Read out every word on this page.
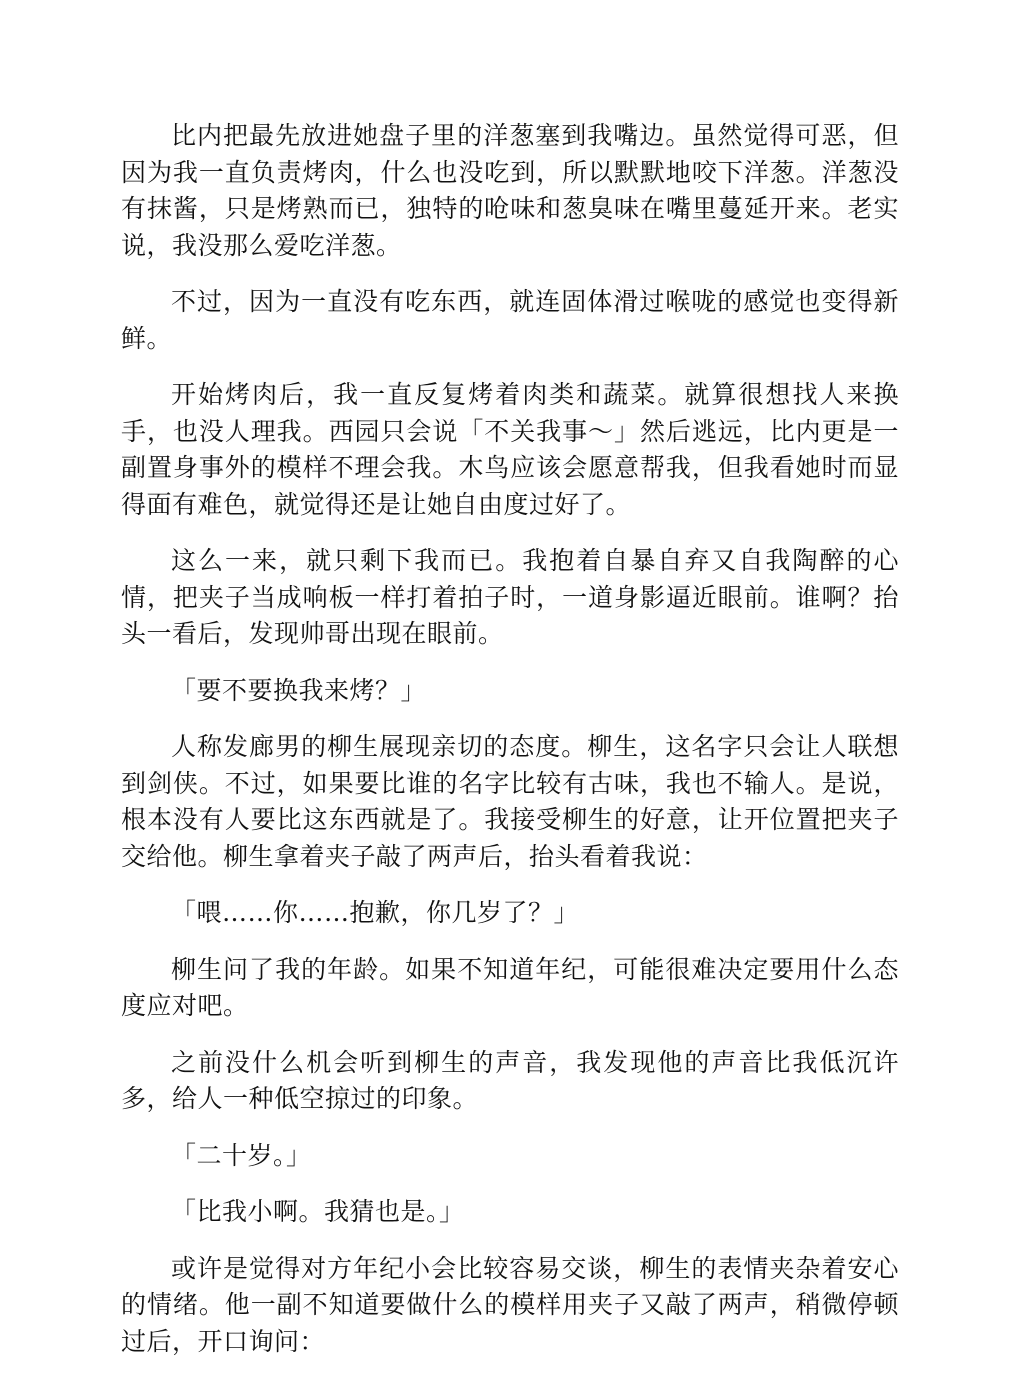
比内把最先放进她盘子里的洋葱塞到我嘴边。虽然觉得可恶，但因为我一直负责烤肉，什么也没吃到，所以默默地咬下洋葱。洋葱没有抹酱，只是烤熟而已，独特的呛味和葱臭味在嘴里蔓延开来。老实说，我没那么爱吃洋葱。

不过，因为一直没有吃东西，就连固体滑过喉咙的感觉也变得新鲜。

开始烤肉后，我一直反复烤着肉类和蔬菜。就算很想找人来换手，也没人理我。西园只会说「不关我事～」然后逃远，比内更是一副置身事外的模样不理会我。木鸟应该会愿意帮我，但我看她时而显得面有难色，就觉得还是让她自由度过好了。

这么一来，就只剩下我而已。我抱着自暴自弃又自我陶醉的心情，把夹子当成响板一样打着拍子时，一道身影逼近眼前。谁啊？抬头一看后，发现帅哥出现在眼前。

「要不要换我来烤？」

人称发廊男的柳生展现亲切的态度。柳生，这名字只会让人联想到剑侠。不过，如果要比谁的名字比较有古味，我也不输人。是说，根本没有人要比这东西就是了。我接受柳生的好意，让开位置把夹子交给他。柳生拿着夹子敲了两声后，抬头看着我说：

「喂……你……抱歉，你几岁了？」

柳生问了我的年龄。如果不知道年纪，可能很难决定要用什么态度应对吧。

之前没什么机会听到柳生的声音，我发现他的声音比我低沉许多，给人一种低空掠过的印象。

「二十岁。」

「比我小啊。我猜也是。」

或许是觉得对方年纪小会比较容易交谈，柳生的表情夹杂着安心的情绪。他一副不知道要做什么的模样用夹子又敲了两声，稍微停顿过后，开口询问：
